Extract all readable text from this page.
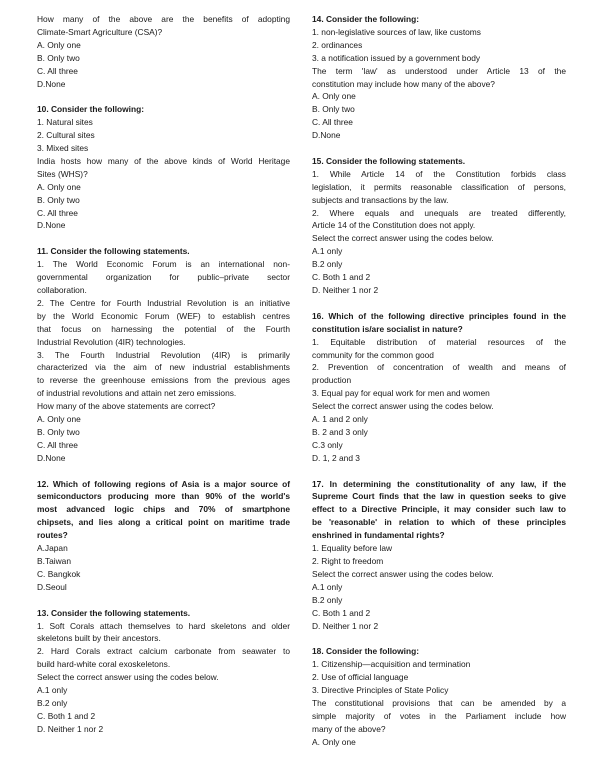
How many of the above are the benefits of adopting
Climate-Smart Agriculture (CSA)?
A. Only one
B. Only two
C. All three
D.None
10. Consider the following:
1. Natural sites
2. Cultural sites
3. Mixed sites
India hosts how many of the above kinds of World Heritage
Sites (WHS)?
A. Only one
B. Only two
C. All three
D.None
11. Consider the following statements.
1. The World Economic Forum is an international non-
governmental organization for public–private sector
collaboration.
2. The Centre for Fourth Industrial Revolution is an initiative
by the World Economic Forum (WEF) to establish centres
that focus on harnessing the potential of the Fourth
Industrial Revolution (4IR) technologies.
3. The Fourth Industrial Revolution (4IR) is primarily
characterized via the aim of new industrial establishments
to reverse the greenhouse emissions from the previous ages
of industrial revolutions and attain net zero emissions.
How many of the above statements are correct?
A. Only one
B. Only two
C. All three
D.None
12. Which of following regions of Asia is a major source of
semiconductors producing more than 90% of the world's
most advanced logic chips and 70% of smartphone
chipsets, and lies along a critical point on maritime trade
routes?
A.Japan
B.Taiwan
C. Bangkok
D.Seoul
13. Consider the following statements.
1. Soft Corals attach themselves to hard skeletons and older
skeletons built by their ancestors.
2. Hard Corals extract calcium carbonate from seawater to
build hard-white coral exoskeletons.
Select the correct answer using the codes below.
A.1 only
B.2 only
C. Both 1 and 2
D. Neither 1 nor 2
14. Consider the following:
1. non-legislative sources of law, like customs
2. ordinances
3. a notification issued by a government body
The term 'law' as understood under Article 13 of the
constitution may include how many of the above?
A. Only one
B. Only two
C. All three
D.None
15. Consider the following statements.
1. While Article 14 of the Constitution forbids class
legislation, it permits reasonable classification of persons,
subjects and transactions by the law.
2. Where equals and unequals are treated differently,
Article 14 of the Constitution does not apply.
Select the correct answer using the codes below.
A.1 only
B.2 only
C. Both 1 and 2
D. Neither 1 nor 2
16. Which of the following directive principles found in the
constitution is/are socialist in nature?
1. Equitable distribution of material resources of the
community for the common good
2. Prevention of concentration of wealth and means of
production
3. Equal pay for equal work for men and women
Select the correct answer using the codes below.
A. 1 and 2 only
B. 2 and 3 only
C.3 only
D. 1, 2 and 3
17. In determining the constitutionality of any law, if the
Supreme Court finds that the law in question seeks to give
effect to a Directive Principle, it may consider such law to
be 'reasonable' in relation to which of these principles
enshrined in fundamental rights?
1. Equality before law
2. Right to freedom
Select the correct answer using the codes below.
A.1 only
B.2 only
C. Both 1 and 2
D. Neither 1 nor 2
18. Consider the following:
1. Citizenship—acquisition and termination
2. Use of official language
3. Directive Principles of State Policy
The constitutional provisions that can be amended by a
simple majority of votes in the Parliament include how
many of the above?
A. Only one
